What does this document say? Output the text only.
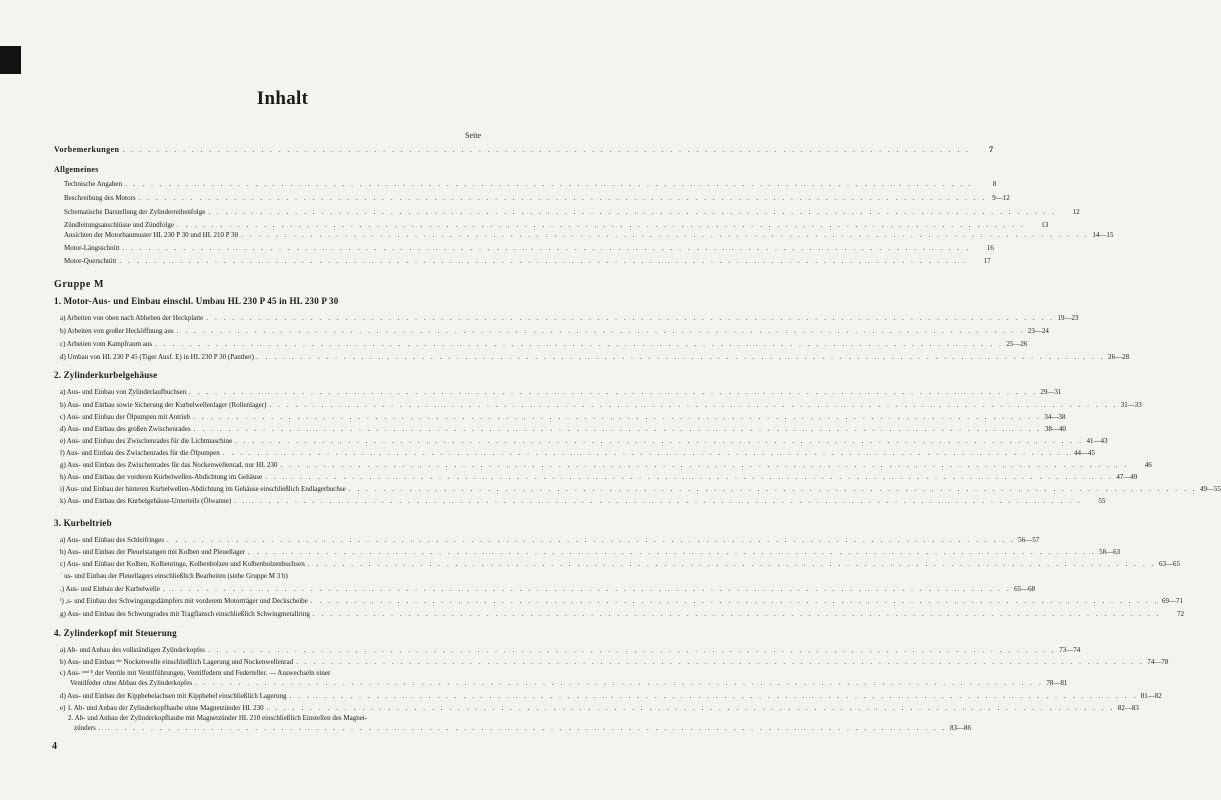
Inhalt
Seite
Vorbemerkungen . . .	7
Allgemeines
Technische Angaben . . .	8
Beschreibung des Motors . . .	9—12
Schematische Darstellung der Zylinderreihenfolge . . .	12
Zündleitungsanschlüsse und Zündfolge . . .	13
Ansichten der Motorbaumuster HL 230 P 30 und HL 210 P 30 . . .	14—15
Motor-Längsschnitt . . .	16
Motor-Querschnitt . . .	17
Gruppe M
1. Motor-Aus- und Einbau einschl. Umbau HL 230 P 45 in HL 230 P 30
a) Arbeiten von oben nach Abheben der Heckplatte . . .	19—23
b) Arbeiten von großer Hecköffnung aus . . .	23—24
c) Arbeiten vom Kampfraum aus . . .	25—26
d) Umbau von HL 230 P 45 (Tiger Ausf. E) in HL 230 P 30 (Panther) . . .	26—28
2. Zylinderkurbelgehäuse
a) Aus- und Einbau von Zylinderlaufbuchsen . . .	29—31
b) Aus- und Einbau sowie Sicherung der Kurbelwellenlager (Rollenlager) . . .	31—33
c) Aus- und Einbau der Ölpumpen mit Antrieb . . .	34—38
d) Aus- und Einbau des großen Zwischenrades . . .	38—40
e) Aus- und Einbau des Zwischenrades für die Lichtmaschine . . .	41—43
f) Aus- und Einbau des Zwischenrades für die Ölpumpen . . .	44—45
g) Aus- und Einbau des Zwischenrades für das Nockenwellenrad, nur HL 230 . . .	46
h) Aus- und Einbau der vorderen Kurbelwellen-Abdichtung im Gehäuse . . .	47—49
i) Aus- und Einbau der hinteren Kurbelwellen-Abdichtung im Gehäuse einschließlich Endlagerbuchse . . .	49—55
k) Aus- und Einbau des Kurbelgehäuse-Unterteils (Ölwanne) . . .	55
3. Kurbeltrieb
a) Aus- und Einbau des Schleifringes . . .	56—57
b) Aus- und Einbau der Pleuelstangen mit Kolben und Pleuellager . . .	58—63
c) Aus- und Einbau der Kolben, Kolbenringe, Kolbenbolzen und Kolbenbolzenbuchsen . . .	63—65
˙ us- und Einbau der Pleuellagers einschließlich Bearbeiten (siehe Gruppe M 3 b)
.) Aus- und Einbau der Kurbelwelle . . .	65—68
ᶠ) ,s- und Einbau des Schwingungsdämpfers mit vorderem Motorträger und Deckscheibe . . .	69—71
g) Aus- und Einbau des Schwungrades mit Tragflansch einschließlich Schwingmetallring . . .	72
4. Zylinderkopf mit Steuerung
a) Ab- und Anbau des vollständigen Zylinderkopfes . . .	73—74
b) Aus- und Einbau ᵈᵉʳ Nockenwelle einschließlich Lagerung und Nockenwellenrad . . .	74—78
c) Aus- ᵘⁿᵈ ᴱ̣ der Ventile mit Ventilführungen, Ventilfedern und Federteller. — Auswechseln einer
Ventilfeder ohne Abbau des Zylinderkopfes . . .	78—81
d) Aus- und Einbau der Kipphebelachsen mit Kipphebel einschließlich Lagerung . . .	81—82
e) 1. Ab- und Anbau der Zylinderkopfhaube ohne Magnetzünder HL 230 . . .	82—83
2. Ab- und Anbau der Zylinderkopfhaube mit Magnetzünder HL 210 einschließlich Einstellen des Magnet-
zünders . . .	83—86
4
